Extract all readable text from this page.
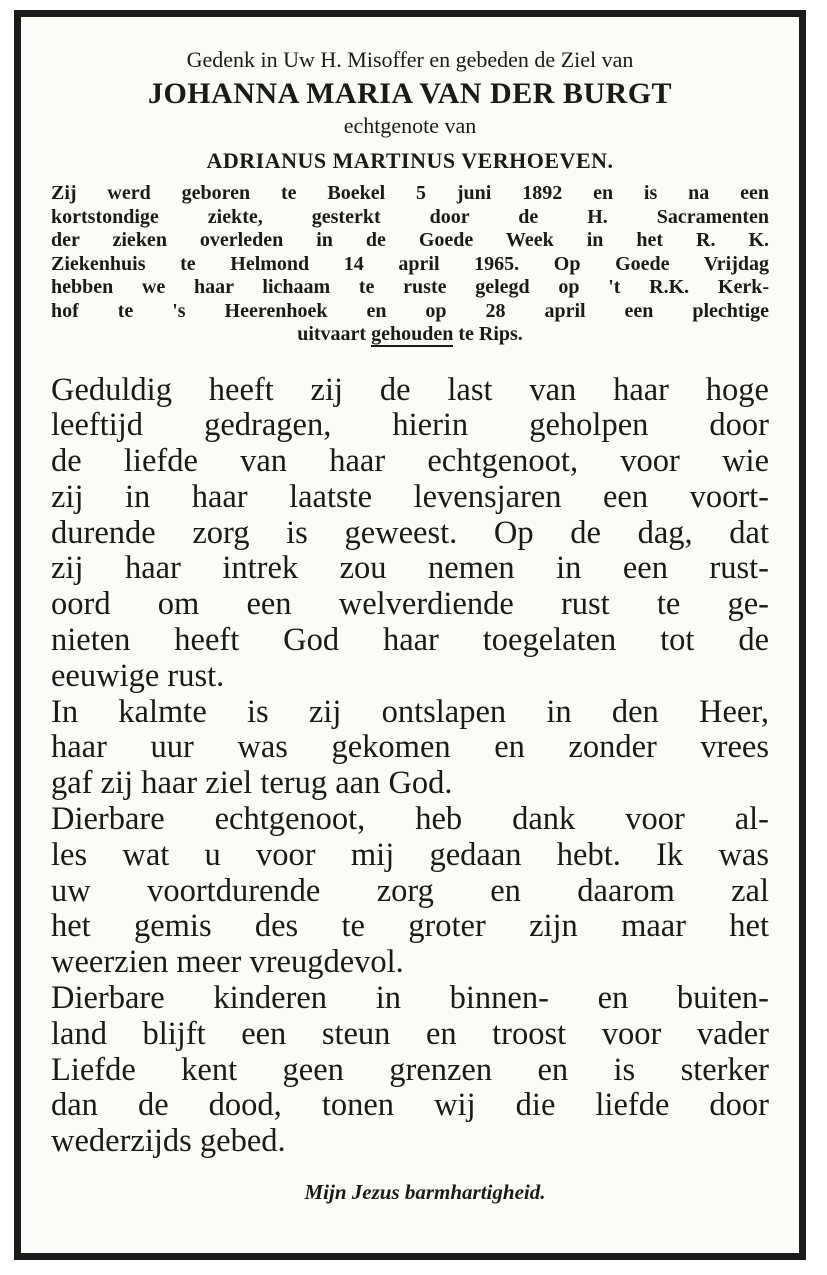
Gedenk in Uw H. Misoffer en gebeden de Ziel van

JOHANNA MARIA VAN DER BURGT

echtgenote van

ADRIANUS MARTINUS VERHOEVEN.

Zij werd geboren te Boekel 5 juni 1892 en is na een
kortstondige ziekte, gesterkt door de H. Sacramenten
der zieken overleden in de Goede Week in het R. K.
Ziekenhuis te Helmond 14 april 1965. Op Goede Vrijdag
hebben we haar lichaam te ruste gelegd op 't R.K. Kerk-
hof te 's Heerenhoek en op 28 april een plechtige
uitvaart gehouden te Rips.
Geduldig heeft zij de last van haar hoge
leeftijd gedragen, hierin geholpen door
de liefde van haar echtgenoot, voor wie
zij in haar laatste levensjaren een voort-
durende zorg is geweest. Op de dag, dat
zij haar intrek zou nemen in een rust-
oord om een welverdiende rust te ge-
nieten heeft God haar toegelaten tot de
eeuwige rust.
In kalmte is zij ontslapen in den Heer,
haar uur was gekomen en zonder vrees
gaf zij haar ziel terug aan God.
Dierbare echtgenoot, heb dank voor al-
les wat u voor mij gedaan hebt. Ik was
uw voortdurende zorg en daarom zal
het gemis des te groter zijn maar het
weerzien meer vreugdevol.
Dierbare kinderen in binnen- en buiten-
land blijft een steun en troost voor vader
Liefde kent geen grenzen en is sterker
dan de dood, tonen wij die liefde door
wederzijds gebed.

Mijn Jezus barmhartigheid.
